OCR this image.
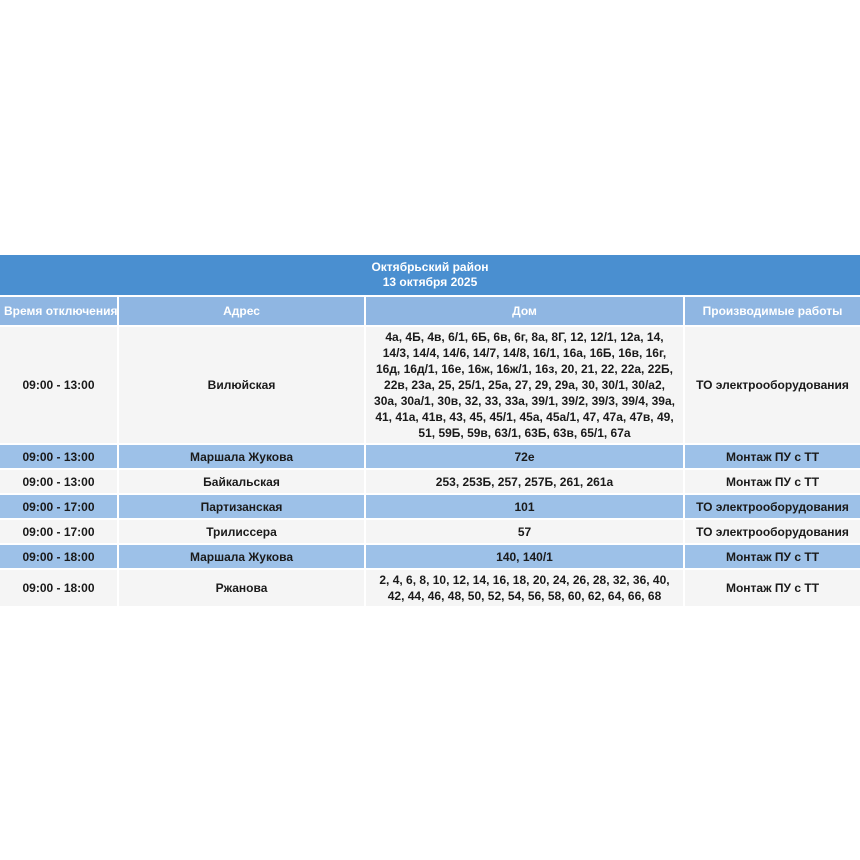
Октябрьский район
13 октября 2025			

Время отключения	Адрес	Дом	Производимые работы
09:00 - 13:00	Вилюйская	4а, 4Б, 4в, 6/1, 6Б, 6в, 6г, 8а, 8Г, 12, 12/1, 12а, 14, 14/3, 14/4, 14/6, 14/7, 14/8, 16/1, 16а, 16Б, 16в, 16г, 16д, 16д/1, 16е, 16ж, 16ж/1, 16з, 20, 21, 22, 22а, 22Б, 22в, 23а, 25, 25/1, 25а, 27, 29, 29а, 30, 30/1, 30/а2, 30а, 30а/1, 30в, 32, 33, 33а, 39/1, 39/2, 39/3, 39/4, 39а, 41, 41а, 41в, 43, 45, 45/1, 45а, 45а/1, 47, 47а, 47в, 49, 51, 59Б, 59в, 63/1, 63Б, 63в, 65/1, 67а	ТО электрооборудования
09:00 - 13:00	Маршала Жукова	72е	Монтаж ПУ с ТТ
09:00 - 13:00	Байкальская	253, 253Б, 257, 257Б, 261, 261а	Монтаж ПУ с ТТ
09:00 - 17:00	Партизанская	101	ТО электрооборудования
09:00 - 17:00	Трилиссера	57	ТО электрооборудования
09:00 - 18:00	Маршала Жукова	140, 140/1	Монтаж ПУ с ТТ
09:00 - 18:00	Ржанова	2, 4, 6, 8, 10, 12, 14, 16, 18, 20, 24, 26, 28, 32, 36, 40, 42, 44, 46, 48, 50, 52, 54, 56, 58, 60, 62, 64, 66, 68	Монтаж ПУ с ТТ
